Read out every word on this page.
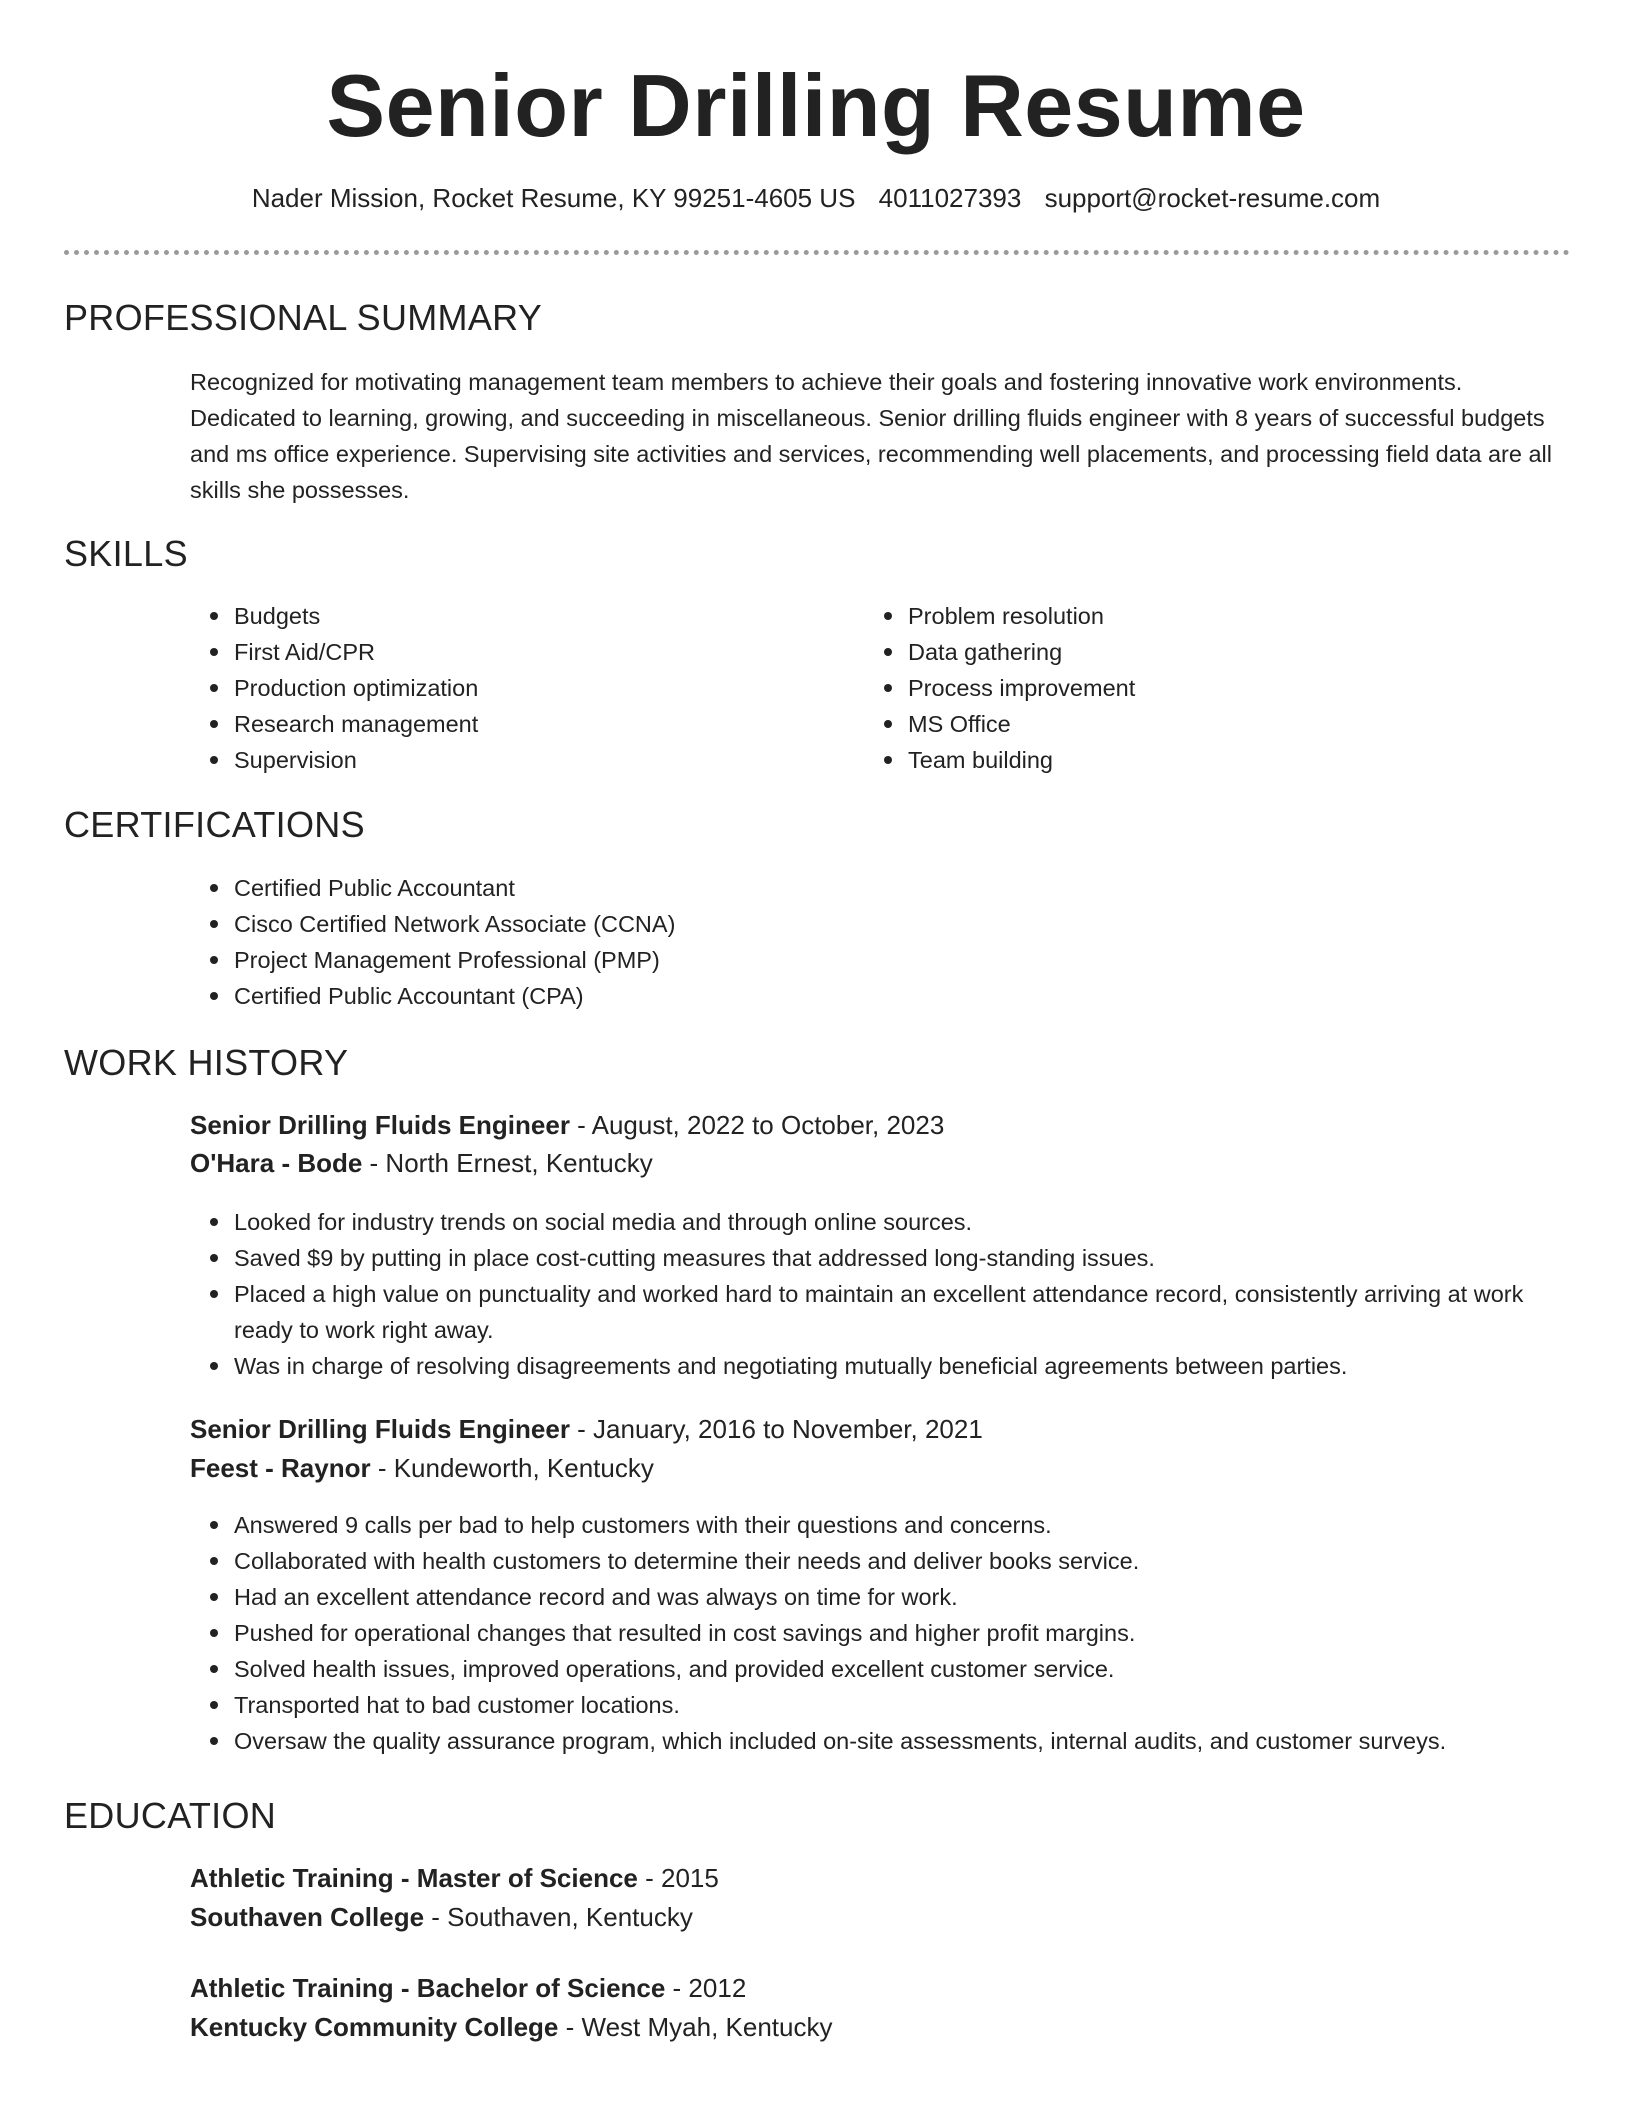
Senior Drilling Resume
Nader Mission, Rocket Resume, KY 99251-4605 US 4011027393 support@rocket-resume.com
PROFESSIONAL SUMMARY
Recognized for motivating management team members to achieve their goals and fostering innovative work environments. Dedicated to learning, growing, and succeeding in miscellaneous. Senior drilling fluids engineer with 8 years of successful budgets and ms office experience. Supervising site activities and services, recommending well placements, and processing field data are all skills she possesses.
SKILLS
Budgets
First Aid/CPR
Production optimization
Research management
Supervision
Problem resolution
Data gathering
Process improvement
MS Office
Team building
CERTIFICATIONS
Certified Public Accountant
Cisco Certified Network Associate (CCNA)
Project Management Professional (PMP)
Certified Public Accountant (CPA)
WORK HISTORY
Senior Drilling Fluids Engineer - August, 2022 to October, 2023
O'Hara - Bode - North Ernest, Kentucky
Looked for industry trends on social media and through online sources.
Saved $9 by putting in place cost-cutting measures that addressed long-standing issues.
Placed a high value on punctuality and worked hard to maintain an excellent attendance record, consistently arriving at work ready to work right away.
Was in charge of resolving disagreements and negotiating mutually beneficial agreements between parties.
Senior Drilling Fluids Engineer - January, 2016 to November, 2021
Feest - Raynor - Kundeworth, Kentucky
Answered 9 calls per bad to help customers with their questions and concerns.
Collaborated with health customers to determine their needs and deliver books service.
Had an excellent attendance record and was always on time for work.
Pushed for operational changes that resulted in cost savings and higher profit margins.
Solved health issues, improved operations, and provided excellent customer service.
Transported hat to bad customer locations.
Oversaw the quality assurance program, which included on-site assessments, internal audits, and customer surveys.
EDUCATION
Athletic Training - Master of Science - 2015
Southaven College - Southaven, Kentucky
Athletic Training - Bachelor of Science - 2012
Kentucky Community College - West Myah, Kentucky
